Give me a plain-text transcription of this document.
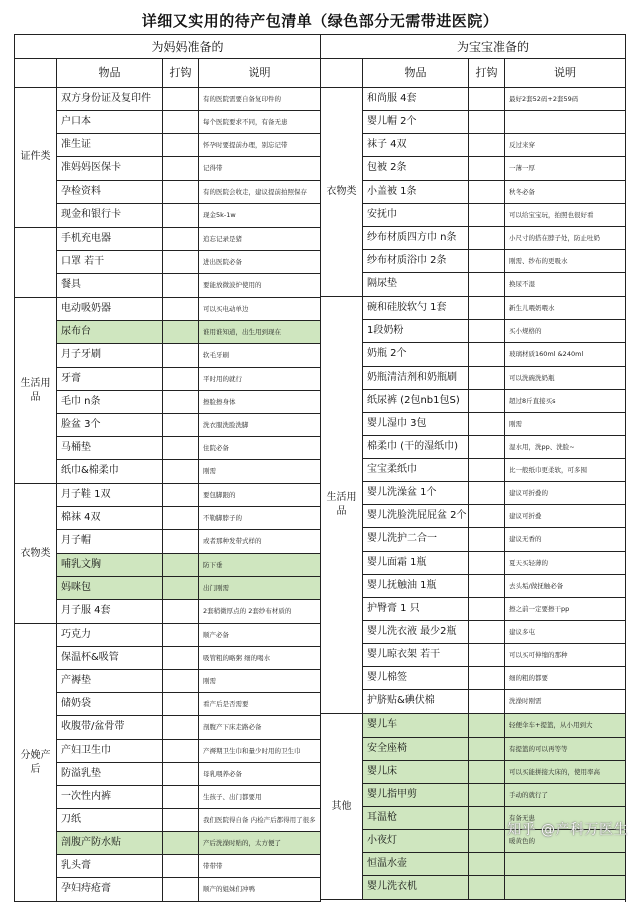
详细又实用的待产包清单（绿色部分无需带进医院）
为妈妈准备的
物品	打钩	说明
证件类
双方身份证及复印件	有的医院需要自备复印件的
户口本	每个医院要求不同，有备无患
准生证	怀孕时要提前办理，别忘记带
准妈妈医保卡	记得带
孕检资料	有的医院会收走，建议提前拍照保存
现金和银行卡	现金5k-1w
手机充电器	追忘记录是猪
口罩 若干	进出医院必备
餐具	要能放微波炉使用的
生活用品
电动吸奶器	可以买电动单边
尿布台	谁用谁知道，出生用到现在
月子牙刷	软毛牙刷
牙膏	平时用的就行
毛巾 n条	擦脸擦身体
脸盆 3个	洗衣服洗脸洗脚
马桶垫	住院必备
纸巾&棉柔巾	刚需
衣物类
月子鞋 1双	要包脚跟的
棉袜 4双	不勒脚脖子的
月子帽	或者那种发带式样的
哺乳文胸	防下垂
妈咪包	出门刚需
月子服 4套	2套稍微厚点的 2套纱布材质的
分娩产后
巧克力	顺产必备
保温杯&吸管	吸管粗的略粥 细的喝水
产褥垫	刚需
储奶袋	看产后是否需要
收腹带/盆骨带	剖腹产下床走路必备
产妇卫生巾	产褥期卫生巾和量少时用的卫生巾
防溢乳垫	母乳喂养必备
一次性内裤	生孩子、出门都要用
刀纸	我们医院得自备 内检产后都得用了很多
剖腹产防水贴	产后洗澡时贴的，太方便了
乳头膏	带带带
孕妇痔疮膏	顺产的姐妹们冲鸭
为宝宝准备的
物品	打钩	说明
衣物类
和尚服 4套	最好2套52码+2套59码
婴儿帽 2个
袜子 4双	反过来穿
包被 2条	一薄一厚
小盖被 1条	秋冬必备
安抚巾	可以给宝宝玩，拍照也很好看
纱布材质四方巾 n条	小尺寸的搭在脖子处，防止吐奶
纱布材质浴巾 2条	刚需、纱布的更吸水
隔尿垫	换尿不湿
生活用品
碗和硅胶软勺 1套	新生儿喂奶喂水
1段奶粉	买小规格的
奶瓶 2个	玻璃材质160ml &240ml
奶瓶清洁剂和奶瓶刷	可以洗碗洗奶瓶
纸尿裤 (2包nb1包S)	超过8斤直接买s
婴儿湿巾 3包	刚需
棉柔巾 (干的湿纸巾)	湿水用，洗pp、洗脸~
宝宝柔纸巾	比一般纸巾更柔软，可多囤
婴儿洗澡盆 1个	建议可折叠的
婴儿洗脸洗屁屁盆 2个	建议可折叠
婴儿洗护二合一	建议无香的
婴儿面霜 1瓶	夏天买轻薄的
婴儿抚触油 1瓶	去头垢/做抚触必备
护臀膏 1 只	擦之前一定要擦干pp
婴儿洗衣液 最少2瓶	建议多屯
婴儿晾衣架 若干	可以买可伸缩的那种
婴儿棉签	细的粗的都要
护脐贴&碘伏棉	洗澡时刚需
其他
婴儿车	轻便伞车+提篮，从小用到大
安全座椅	有提篮的可以再等等
婴儿床	可以买能拼接大床的，使用率高
婴儿指甲剪	手动的就行了
耳温枪	有备无患
小夜灯	暖黄色的
恒温水壶
婴儿洗衣机
知乎 @产科万医生
